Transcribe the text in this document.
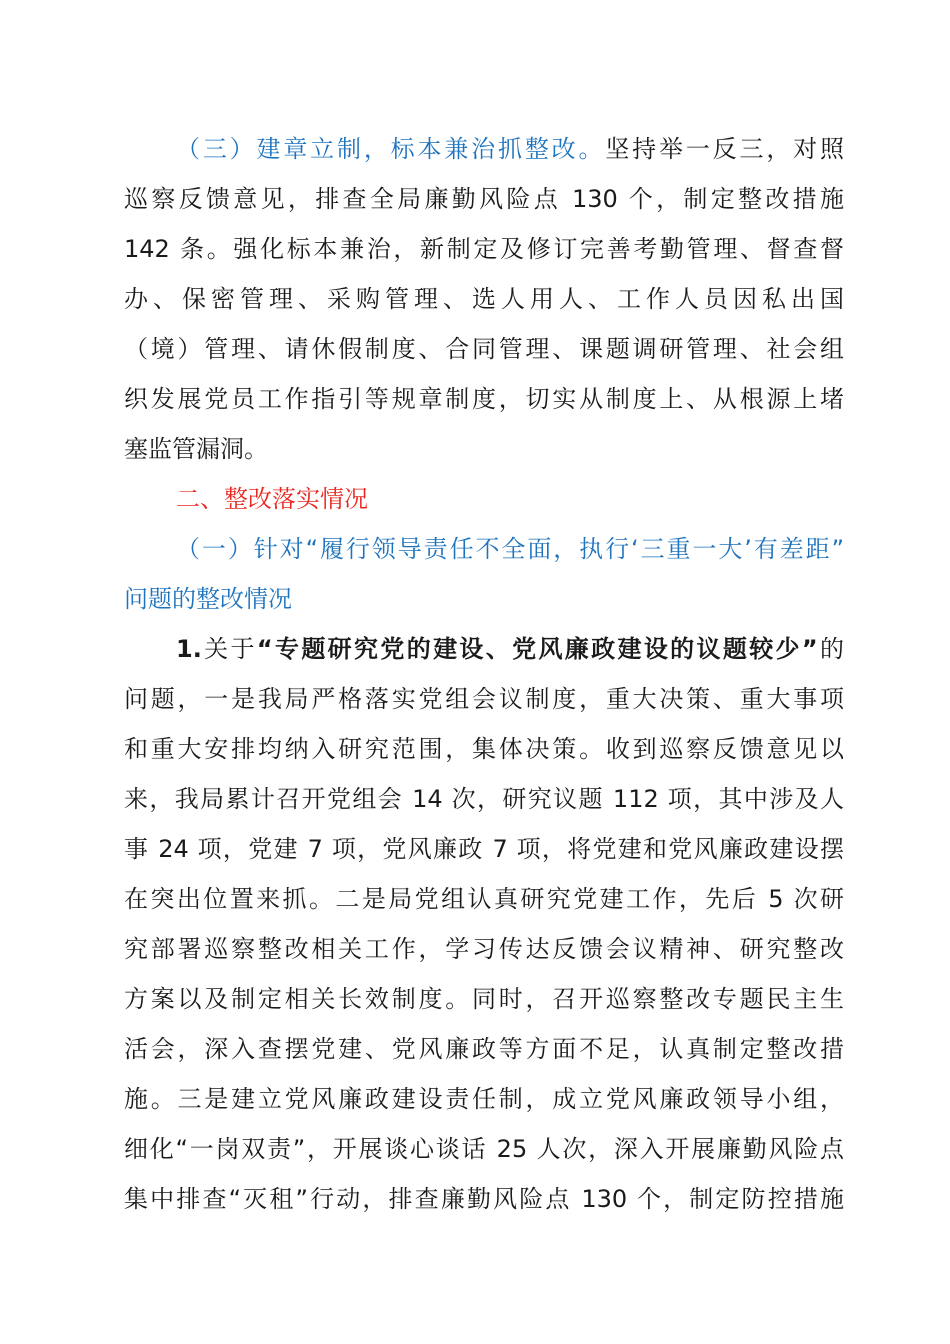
（三）建章立制，标本兼治抓整改。坚持举一反三，对照
巡察反馈意见，排查全局廉勤风险点 130 个，制定整改措施
142 条。强化标本兼治，新制定及修订完善考勤管理、督查督
办、保密管理、采购管理、选人用人、工作人员因私出国
（境）管理、请休假制度、合同管理、课题调研管理、社会组
织发展党员工作指引等规章制度，切实从制度上、从根源上堵
塞监管漏洞。
二、整改落实情况
（一）针对“履行领导责任不全面，执行‘三重一大’有差距”
问题的整改情况
1.关于“专题研究党的建设、党风廉政建设的议题较少”的
问题，一是我局严格落实党组会议制度，重大决策、重大事项
和重大安排均纳入研究范围，集体决策。收到巡察反馈意见以
来，我局累计召开党组会 14 次，研究议题 112 项，其中涉及人
事 24 项，党建 7 项，党风廉政 7 项，将党建和党风廉政建设摆
在突出位置来抓。二是局党组认真研究党建工作，先后 5 次研
究部署巡察整改相关工作，学习传达反馈会议精神、研究整改
方案以及制定相关长效制度。同时，召开巡察整改专题民主生
活会，深入查摆党建、党风廉政等方面不足，认真制定整改措
施。三是建立党风廉政建设责任制，成立党风廉政领导小组，
细化“一岗双责”，开展谈心谈话 25 人次，深入开展廉勤风险点
集中排查“灭租”行动，排查廉勤风险点 130 个，制定防控措施
